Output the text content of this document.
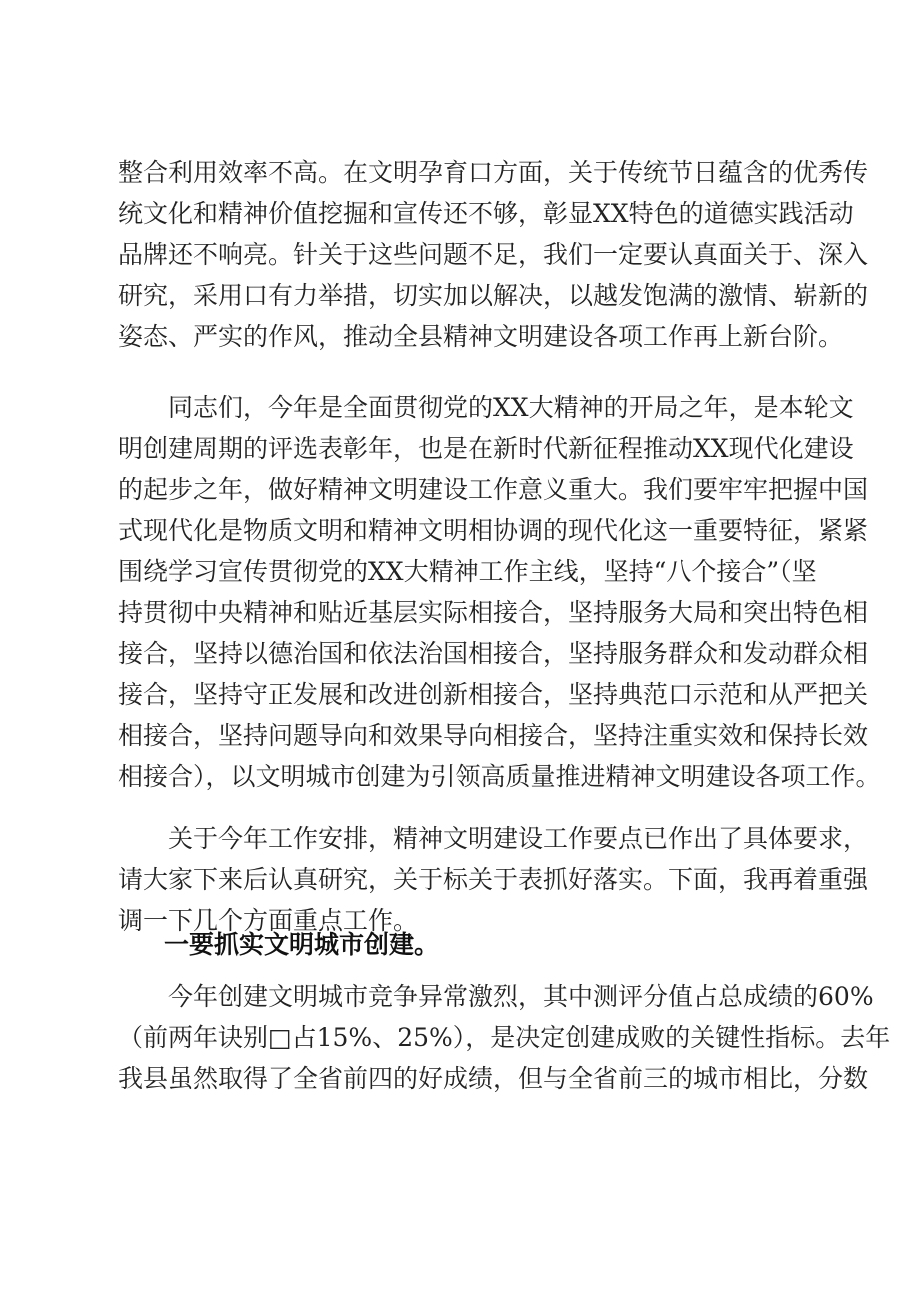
整合利用效率不高。在文明孕育口方面，关于传统节日蕴含的优秀传
统文化和精神价值挖掘和宣传还不够，彰显XX特色的道德实践活动
品牌还不响亮。针关于这些问题不足，我们一定要认真面关于、深入
研究，采用口有力举措，切实加以解决，以越发饱满的激情、崭新的
姿态、严实的作风，推动全县精神文明建设各项工作再上新台阶。
同志们，今年是全面贯彻党的XX大精神的开局之年，是本轮文
明创建周期的评选表彰年，也是在新时代新征程推动XX现代化建设
的起步之年，做好精神文明建设工作意义重大。我们要牢牢把握中国
式现代化是物质文明和精神文明相协调的现代化这一重要特征，紧紧
围绕学习宣传贯彻党的XX大精神工作主线，坚持“八个接合”（坚
持贯彻中央精神和贴近基层实际相接合，坚持服务大局和突出特色相
接合，坚持以德治国和依法治国相接合，坚持服务群众和发动群众相
接合，坚持守正发展和改进创新相接合，坚持典范口示范和从严把关
相接合，坚持问题导向和效果导向相接合，坚持注重实效和保持长效
相接合），以文明城市创建为引领高质量推进精神文明建设各项工作。
关于今年工作安排，精神文明建设工作要点已作出了具体要求，
请大家下来后认真研究，关于标关于表抓好落实。下面，我再着重强
调一下几个方面重点工作。
一要抓实文明城市创建。
今年创建文明城市竞争异常激烈，其中测评分值占总成绩的60%
（前两年诀别□占15%、25%），是决定创建成败的关键性指标。去年
我县虽然取得了全省前四的好成绩，但与全省前三的城市相比，分数
